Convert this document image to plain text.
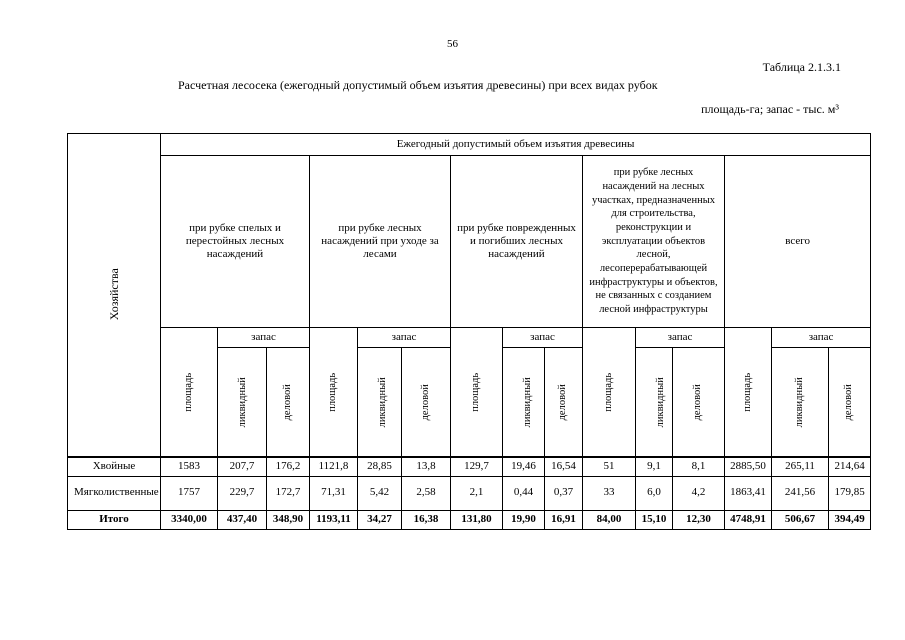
56
Таблица 2.1.3.1
Расчетная лесосека (ежегодный допустимый объем изъятия древесины) при всех видах рубок
площадь-га; запас - тыс. м³
Хозяйства	Ежегодный допустимый объем изъятия древесины														
	при рубке спелых и перестойных лесных насаждений			при рубке лесных насаждений при уходе за лесами			при рубке поврежденных и погибших лесных насаждений			при рубке лесных насаждений на лесных участках, предназначенных для строительства, реконструкции и эксплуатации объектов лесной, лесоперерабатывающей инфраструктуры и объектов, не связанных с созданием лесной инфраструктуры			всего		
	площадь	запас		площадь	запас		площадь	запас		площадь	запас		площадь	запас	
		ликвидный	деловой		ликвидный	деловой		ликвидный	деловой		ликвидный	деловой		ликвидный	деловой
Хвойные	1583	207,7	176,2	1121,8	28,85	13,8	129,7	19,46	16,54	51	9,1	8,1	2885,50	265,11	214,64
Мягколиственные	1757	229,7	172,7	71,31	5,42	2,58	2,1	0,44	0,37	33	6,0	4,2	1863,41	241,56	179,85
Итого	3340,00	437,40	348,90	1193,11	34,27	16,38	131,80	19,90	16,91	84,00	15,10	12,30	4748,91	506,67	394,49
